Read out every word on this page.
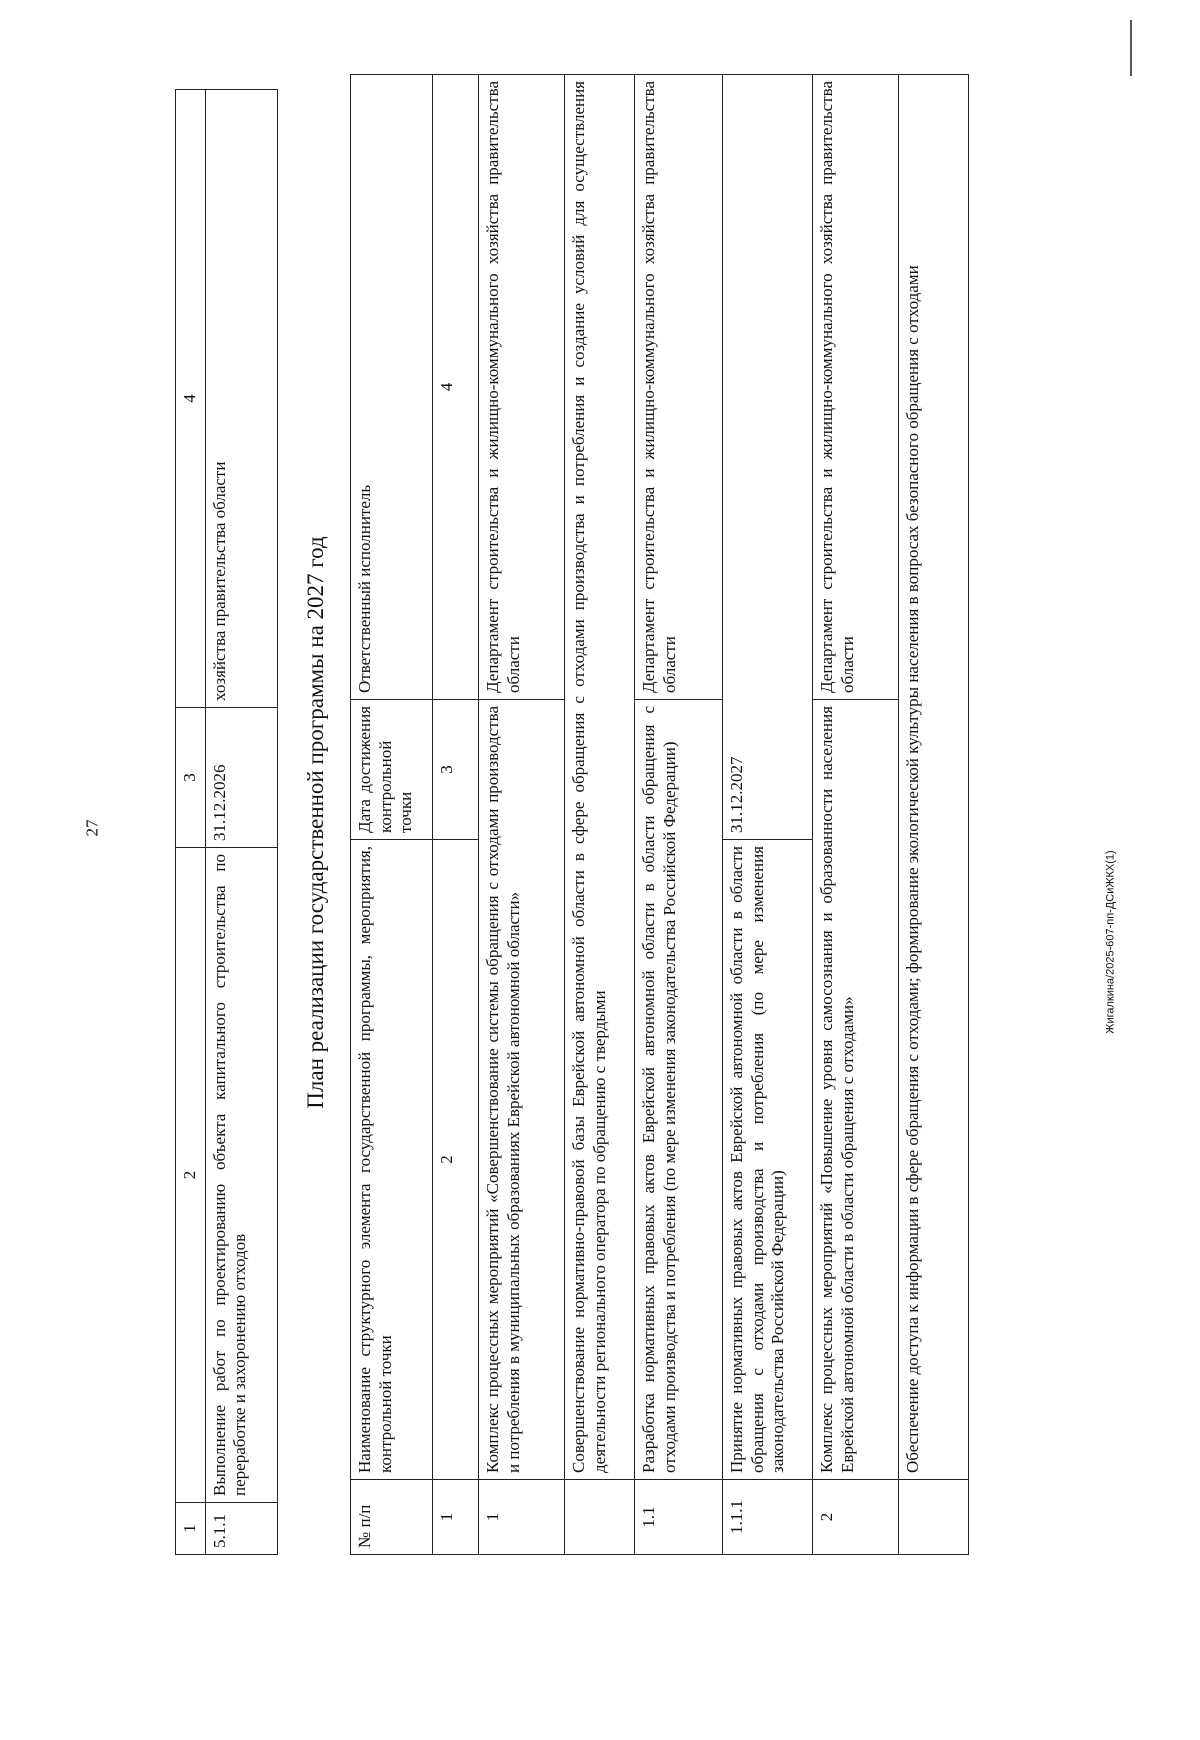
27
1	2	3	4
5.1.1	Выполнение работ по проектированию объекта капитального строительства по переработке и захоронению отходов	31.12.2026	хозяйства правительства области	План реализации государственной программы на 2027 год
№ п/п	Наименование структурного элемента государственной программы, мероприятия, контрольной точки	Дата достижения контрольной точки	Ответственный исполнитель
1	2	3	4
1	Комплекс процессных мероприятий «Совершенствование системы обращения с отходами производства и потребления в муниципальных образованиях Еврейской автономной области»		Департамент строительства и жилищно-коммунального хозяйства правительства области
	Совершенствование нормативно-правовой базы Еврейской автономной области в сфере обращения с отходами производства и потребления и создание условий для осуществления деятельности регионального оператора по обращению с твердыми		
1.1	Разработка нормативных правовых актов Еврейской автономной области в области обращения с отходами производства и потребления (по мере изменения законодательства Российской Федерации)		Департамент строительства и жилищно-коммунального хозяйства правительства области
1.1.1	Принятие нормативных правовых актов Еврейской автономной области в области обращения с отходами производства и потребления (по мере изменения законодательства Российской Федерации)	31.12.2027	
2	Комплекс процессных мероприятий «Повышение уровня самосознания и образованности населения Еврейской автономной области в области обращения с отходами»		Департамент строительства и жилищно-коммунального хозяйства правительства области
	Обеспечение доступа к информации в сфере обращения с отходами; формирование экологической культуры населения в вопросах безопасного обращения с отходами			Жигалкина/2025-607-пп-ДСиЖКХ(1)
